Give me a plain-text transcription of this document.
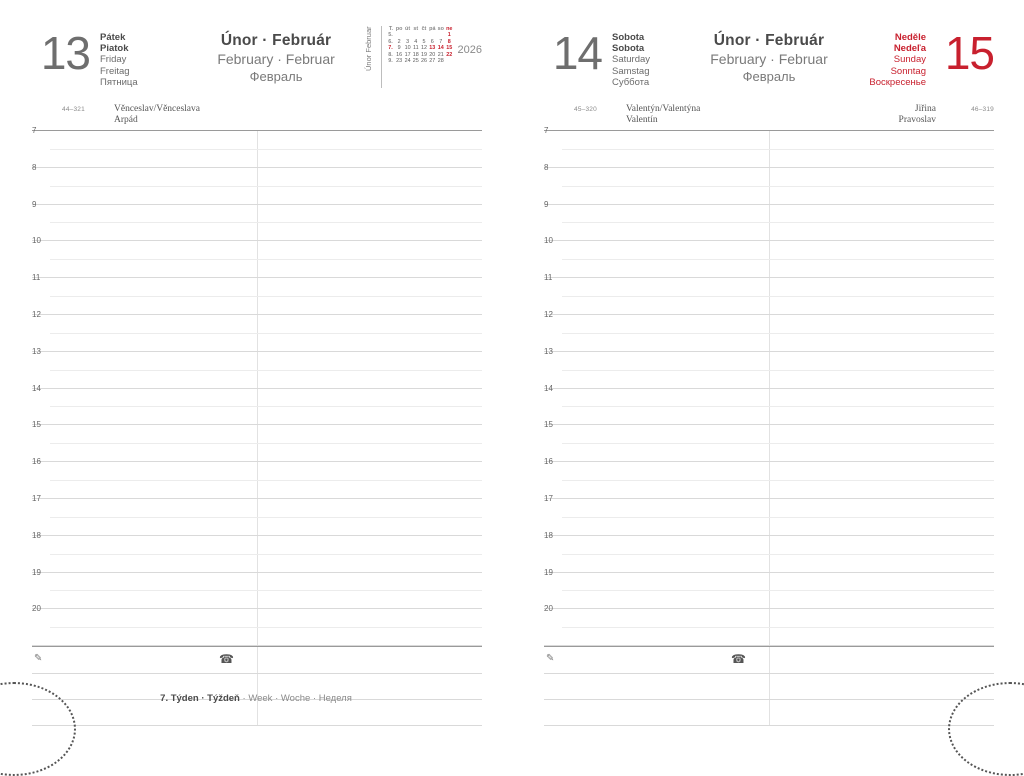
13 Pátek
Piatok
Friday
Freitag
Пятница
Únor · Február
February · Februar
Февраль
Únor Februar	T.	po	út	st	čt	pá	so	ne
5.							1
6.	2	3	4	5	6	7	8
7.	9	10	11	12	13	14	15
8.	16	17	18	19	20	21	22
9.	23	24	25	26	27	28	
2026
44–321	Věnceslav/Věnceslava
Arpád
7
8
9
10
11
12
13
14
15
16
17
18
19
20
✎	☎
7. Týden · Týždeň · Week · Woche · Неделя
14 Sobota
Sobota
Saturday
Samstag
Суббота
Únor · Február
February · Februar
Февраль
Neděle
Nedeľa
Sunday
Sonntag
Воскресенье
15
45–320	Valentýn/Valentýna
Valentín
Jiřina
Pravoslav
46–319
7
8
9
10
11
12
13
14
15
16
17
18
19
20
✎	☎
